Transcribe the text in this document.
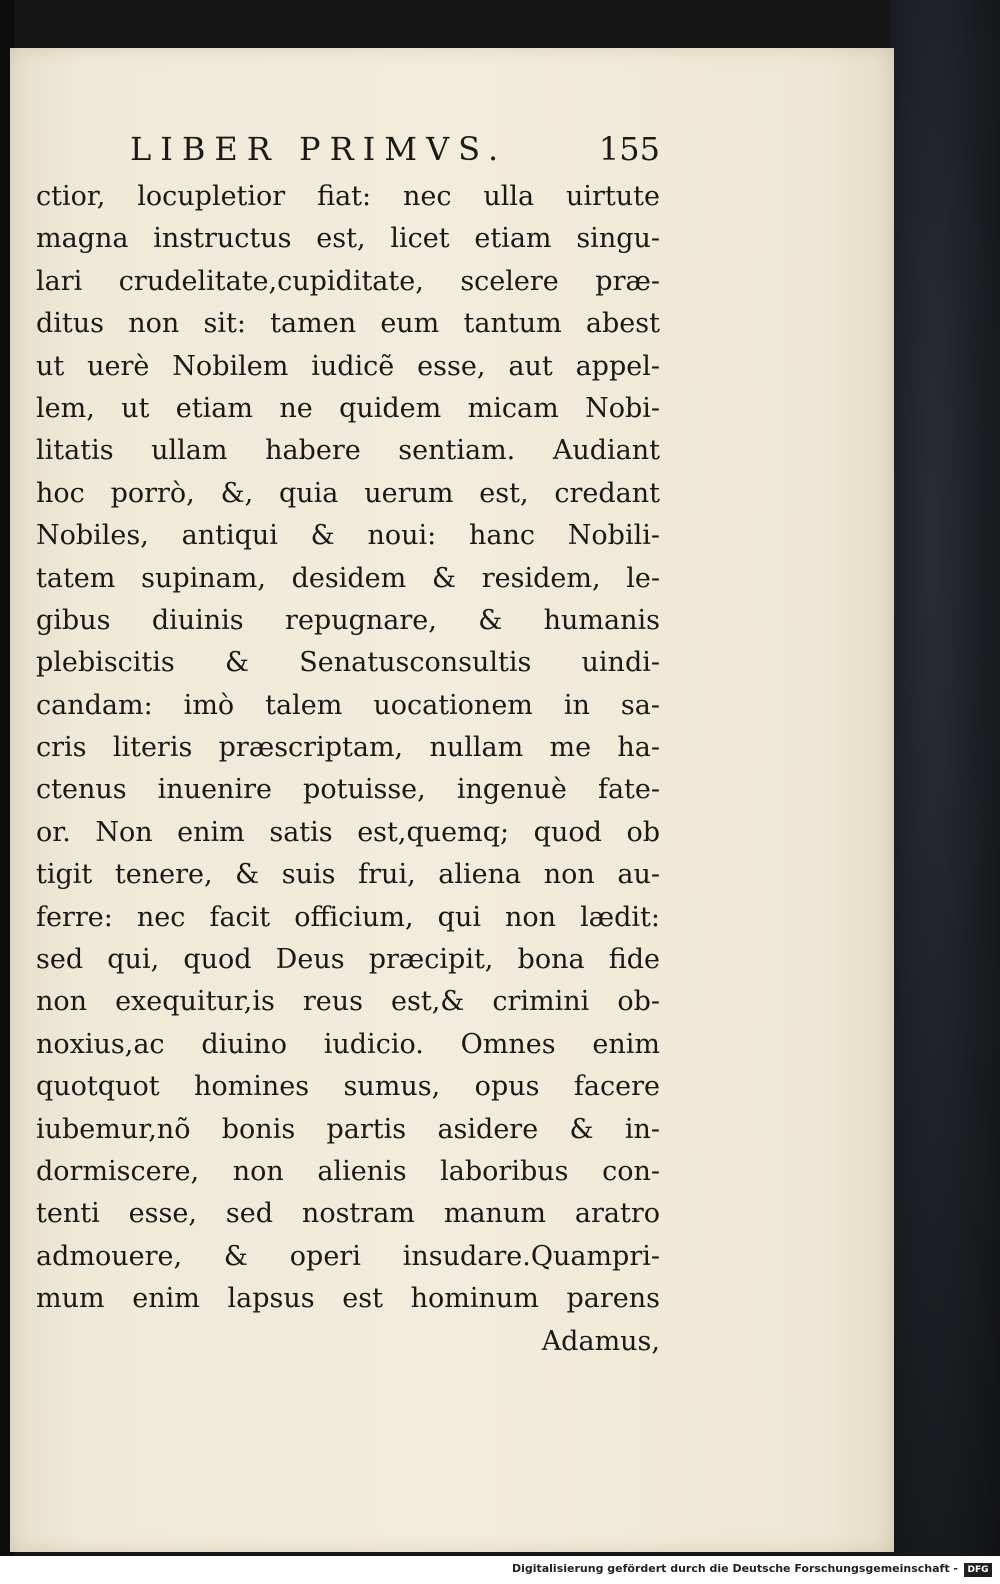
LIBER PRIMVS.	155
ctior, locupletior fiat: nec ulla uirtute
magna instructus est, licet etiam singu-
lari crudelitate,cupiditate, scelere præ-
ditus non sit: tamen eum tantum abest
ut uerè Nobilem iudicẽ esse, aut appel-
lem, ut etiam ne quidem micam Nobi-
litatis ullam habere sentiam. Audiant
hoc porrò, &, quia uerum est, credant
Nobiles, antiqui & noui: hanc Nobili-
tatem supinam, desidem & residem, le-
gibus diuinis repugnare, & humanis
plebiscitis & Senatusconsultis uindi-
candam: imò talem uocationem in sa-
cris literis præscriptam, nullam me ha-
ctenus inuenire potuisse, ingenuè fate-
or. Non enim satis est,quemq; quod ob
tigit tenere, & suis frui, aliena non au-
ferre: nec facit officium, qui non lædit:
sed qui, quod Deus præcipit, bona fide
non exequitur,is reus est,& crimini ob-
noxius,ac diuino iudicio. Omnes enim
quotquot homines sumus, opus facere
iubemur,nõ bonis partis asidere & in-
dormiscere, non alienis laboribus con-
tenti esse, sed nostram manum aratro
admouere, & operi insudare.Quampri-
mum enim lapsus est hominum parens
Adamus,
Digitalisierung gefördert durch die Deutsche Forschungsgemeinschaft -	DFG
